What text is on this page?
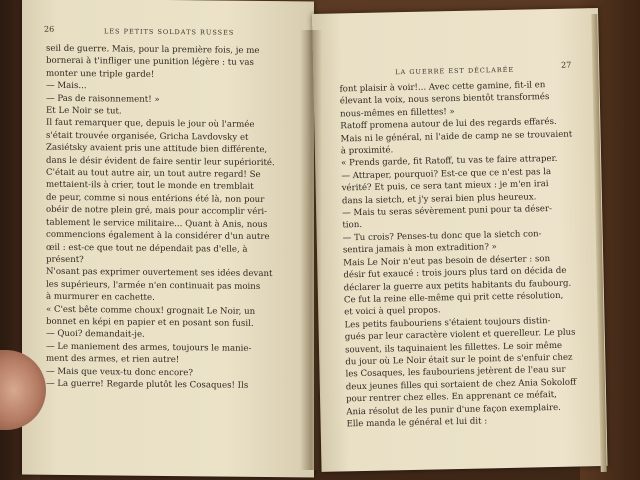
26	LES PETITS SOLDATS RUSSES

seil de guerre. Mais, pour la première fois, je me

bornerai à t'infliger une punition légère : tu vas

monter une triple garde!

— Mais...

— Pas de raisonnement! »

Et Le Noir se tut.

Il faut remarquer que, depuis le jour où l'armée

s'était trouvée organisée, Gricha Lavdovsky et

Zasiétsky avaient pris une attitude bien différente,

dans le désir évident de faire sentir leur supériorité.

C'était au tout autre air, un tout autre regard! Se

mettaient-ils à crier, tout le monde en tremblait

de peur, comme si nous entérions été là, non pour

obéir de notre plein gré, mais pour accomplir véri-

tablement le service militaire... Quant à Anis, nous

commencions également à la considérer d'un autre

œil : est-ce que tout ne dépendait pas d'elle, à

présent?

N'osant pas exprimer ouvertement ses idées devant

les supérieurs, l'armée n'en continuait pas moins

à murmurer en cachette.

« C'est bête comme choux! grognait Le Noir, un

bonnet en képi en papier et en posant son fusil.

— Quoi? demandait-je.

— Le maniement des armes, toujours le manie-

ment des armes, et rien autre!

— Mais que veux-tu donc encore?

— La guerre! Regarde plutôt les Cosaques! Ils

LA GUERRE EST DÉCLARÉE
27

font plaisir à voir!... Avec cette gamine, fit-il en

élevant la voix, nous serons bientôt transformés

nous-mêmes en fillettes! »

Ratoff promena autour de lui des regards effarés.

Mais ni le général, ni l'aide de camp ne se trouvaient

à proximité.

« Prends garde, fit Ratoff, tu vas te faire attraper.

— Attraper, pourquoi? Est-ce que ce n'est pas la

vérité? Et puis, ce sera tant mieux : je m'en irai

dans la sietch, et j'y serai bien plus heureux.

— Mais tu seras sévèrement puni pour ta déser-

tion.

— Tu crois? Penses-tu donc que la sietch con-

sentira jamais à mon extradition? »

Mais Le Noir n'eut pas besoin de déserter : son

désir fut exaucé : trois jours plus tard on décida de

déclarer la guerre aux petits habitants du faubourg.

Ce fut la reine elle-même qui prit cette résolution,

et voici à quel propos.

Les petits faubouriens s'étaient toujours distin-

gués par leur caractère violent et querelleur. Le plus

souvent, ils taquinaient les fillettes. Le soir même

du jour où Le Noir était sur le point de s'enfuir chez

les Cosaques, les faubouriens jetèrent de l'eau sur

deux jeunes filles qui sortaient de chez Ania Sokoloff

pour rentrer chez elles. En apprenant ce méfait,

Ania résolut de les punir d'une façon exemplaire.

Elle manda le général et lui dit :
